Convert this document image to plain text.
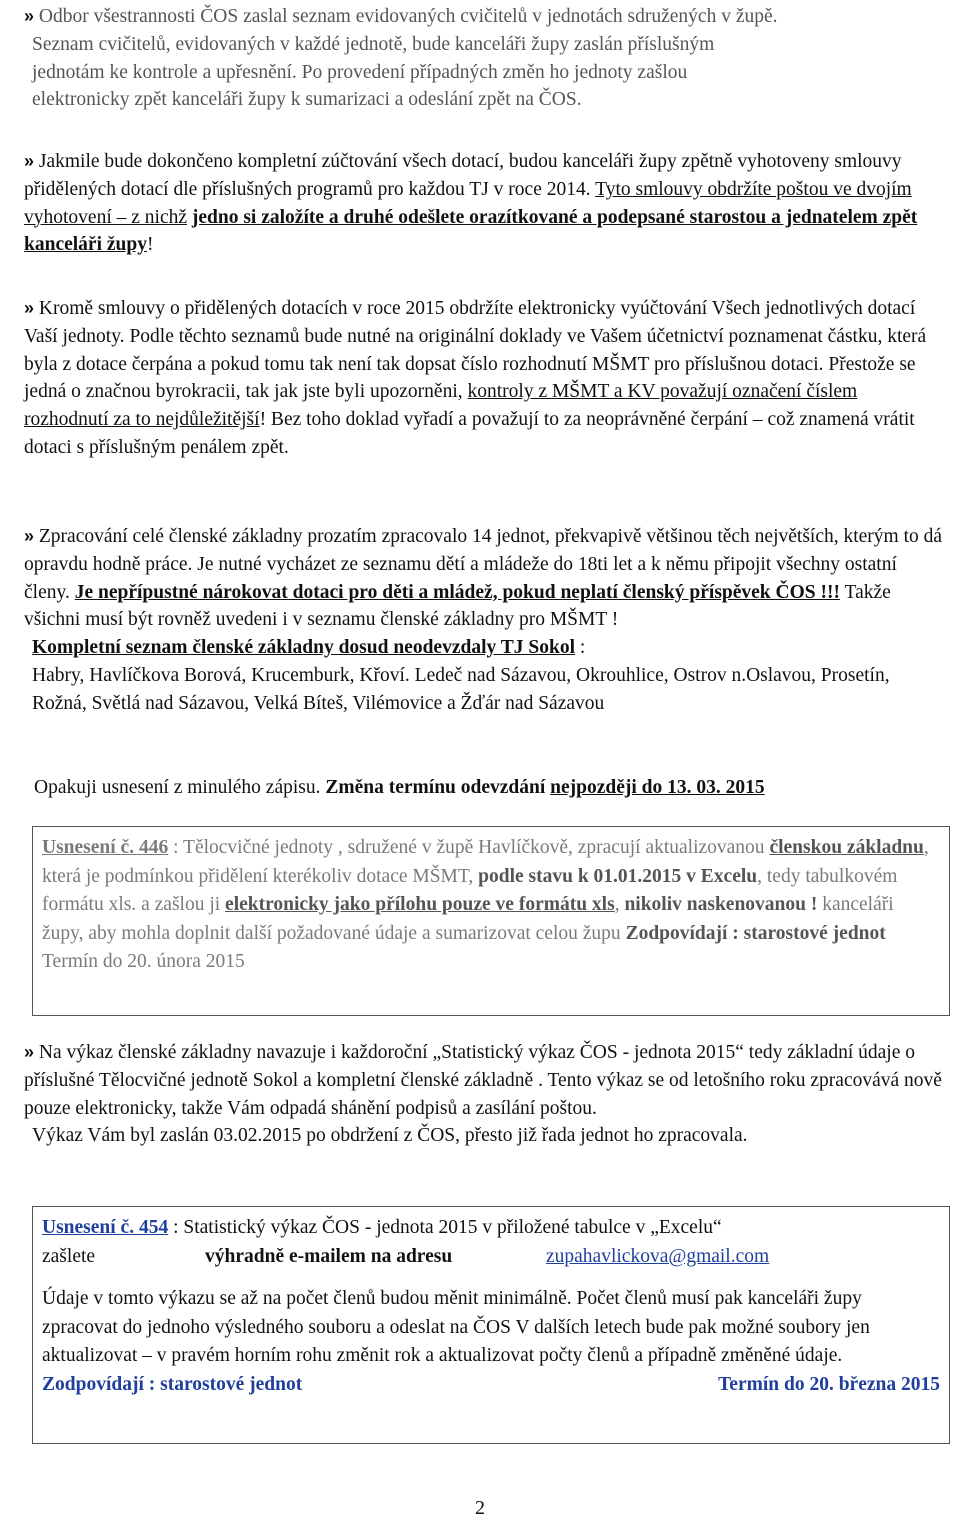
» Odbor všestrannosti ČOS zaslal seznam evidovaných cvičitelů v jednotách sdružených v župě.

Seznam cvičitelů, evidovaných v každé jednotě, bude kanceláři župy zaslán příslušným

jednotám ke kontrole a upřesnění. Po provedení případných změn ho jednoty zašlou

elektronicky zpět kanceláři župy k sumarizaci a odeslání zpět na ČOS.

» Jakmile bude dokončeno kompletní zúčtování všech dotací, budou kanceláři župy zpětně vyhotoveny smlouvy přidělených dotací dle příslušných programů pro každou TJ v roce 2014. Tyto smlouvy obdržíte poštou ve dvojím vyhotovení – z nichž jedno si založíte a druhé odešlete orazítkované a podepsané starostou a jednatelem zpět kanceláři župy!

» Kromě smlouvy o přidělených dotacích v roce 2015 obdržíte elektronicky vyúčtování Všech jednotlivých dotací Vaší jednoty. Podle těchto seznamů bude nutné na originální doklady ve Vašem účetnictví poznamenat částku, která byla z dotace čerpána a pokud tomu tak není tak dopsat číslo rozhodnutí MŠMT pro příslušnou dotaci. Přestože se jedná o značnou byrokracii, tak jak jste byli upozorněni, kontroly z MŠMT a KV považují označení číslem rozhodnutí za to nejdůležitější! Bez toho doklad vyřadí a považují to za neoprávněné čerpání – což znamená vrátit dotaci s příslušným penálem zpět.

» Zpracování celé členské základny prozatím zpracovalo 14 jednot, překvapivě většinou těch největších, kterým to dá opravdu hodně práce. Je nutné vycházet ze seznamu dětí a mládeže do 18ti let a k němu připojit všechny ostatní členy. Je nepřípustné nárokovat dotaci pro děti a mládež, pokud neplatí členský příspěvek ČOS !!! Takže všichni musí být rovněž uvedeni i v seznamu členské základny pro MŠMT !

Kompletní seznam členské základny dosud neodevzdaly TJ Sokol :

Habry, Havlíčkova Borová, Krucemburk, Křoví. Ledeč nad Sázavou, Okrouhlice, Ostrov n.Oslavou, Prosetín, Rožná, Světlá nad Sázavou, Velká Bíteš, Vilémovice a Žďár nad Sázavou

Opakuji usnesení z minulého zápisu. Změna termínu odevzdání nejpozději do 13. 03. 2015

Usnesení č. 446 : Tělocvičné jednoty , sdružené v župě Havlíčkově, zpracují aktualizovanou členskou základnu, která je podmínkou přidělení kterékoliv dotace MŠMT, podle stavu k 01.01.2015 v Excelu, tedy tabulkovém formátu xls. a zašlou ji elektronicky jako přílohu pouze ve formátu xls, nikoliv naskenovanou ! kanceláři župy, aby mohla doplnit další požadované údaje a sumarizovat celou župu Zodpovídají : starostové jednot

Termín do 20. února 2015

» Na výkaz členské základny navazuje i každoroční „Statistický výkaz ČOS - jednota 2015“ tedy základní údaje o příslušné Tělocvičné jednotě Sokol a kompletní členské základně . Tento výkaz se od letošního roku zpracovává nově pouze elektronicky, takže Vám odpadá shánění podpisů a zasílání poštou.

Výkaz Vám byl zaslán 03.02.2015 po obdržení z ČOS, přesto již řada jednot ho zpracovala.

Usnesení č. 454 : Statistický výkaz ČOS - jednota 2015 v přiložené tabulce v „Excelu“

zašlete	výhradně e-mailem na adresu	zupahavlickova@gmail.com

Údaje v tomto výkazu se až na počet členů budou měnit minimálně. Počet členů musí pak kanceláři župy zpracovat do jednoho výsledného souboru a odeslat na ČOS V dalších letech bude pak možné soubory jen aktualizovat – v pravém horním rohu změnit rok a aktualizovat počty členů a případně změněné údaje.

Zodpovídají : starostové jednot	Termín do 20. března 2015

2
